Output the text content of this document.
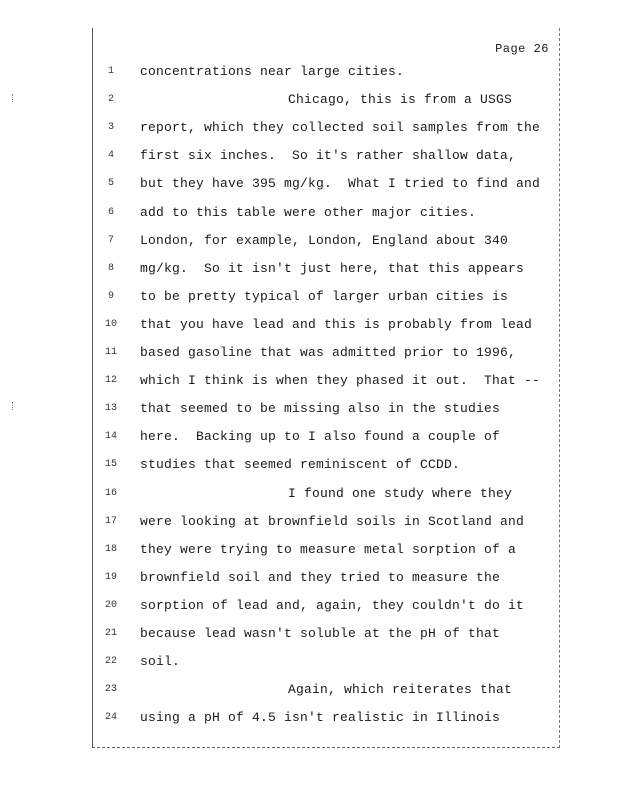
Page 26
1	concentrations near large cities.
2	Chicago, this is from a USGS
3	report, which they collected soil samples from the
4	first six inches.  So it's rather shallow data,
5	but they have 395 mg/kg.  What I tried to find and
6	add to this table were other major cities.
7	London, for example, London, England about 340
8	mg/kg.  So it isn't just here, that this appears
9	to be pretty typical of larger urban cities is
10	that you have lead and this is probably from lead
11	based gasoline that was admitted prior to 1996,
12	which I think is when they phased it out.  That --
13	that seemed to be missing also in the studies
14	here.  Backing up to I also found a couple of
15	studies that seemed reminiscent of CCDD.
16	I found one study where they
17	were looking at brownfield soils in Scotland and
18	they were trying to measure metal sorption of a
19	brownfield soil and they tried to measure the
20	sorption of lead and, again, they couldn't do it
21	because lead wasn't soluble at the pH of that
22	soil.
23	Again, which reiterates that
24	using a pH of 4.5 isn't realistic in Illinois
